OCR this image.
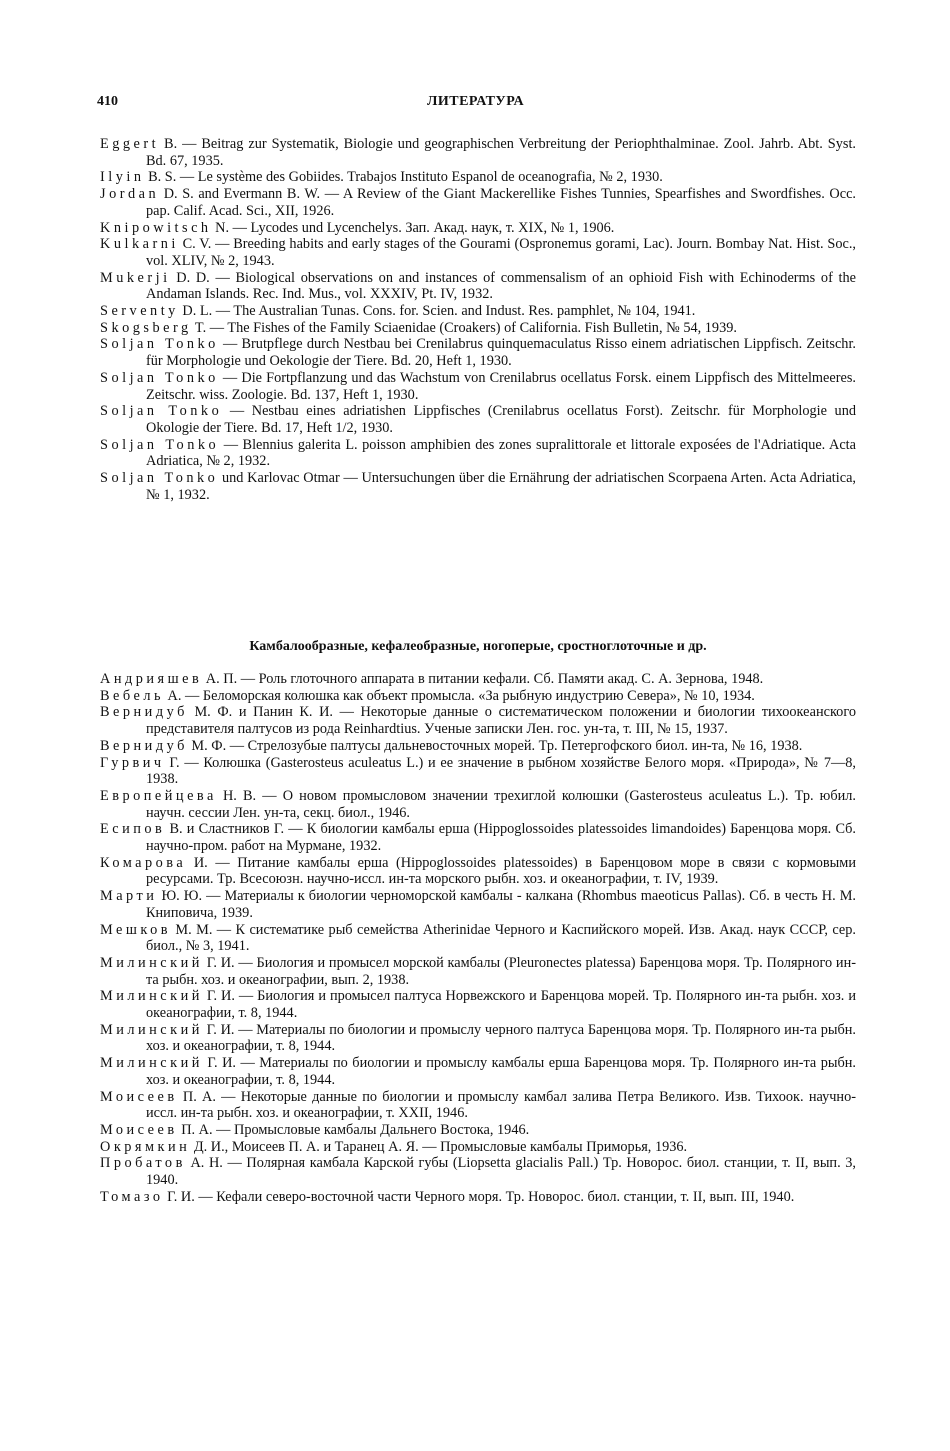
410	ЛИТЕРАТУРА
Eggert B. — Beitrag zur Systematik, Biologie und geographischen Verbreitung der Periophthalminae. Zool. Jahrb. Abt. Syst. Bd. 67, 1935.
Ilyin B. S. — Le système des Gobiides. Trabajos Instituto Espanol de oceanografia, № 2, 1930.
Jordan D. S. and Evermann B. W. — A Review of the Giant Mackerellike Fishes Tunnies, Spearfishes and Swordfishes. Occ. pap. Calif. Acad. Sci., XII, 1926.
Knipowitsch N. — Lycodes und Lycenchelys. Зап. Акад. наук, т. XIX, № 1, 1906.
Kulkarni C. V. — Breeding habits and early stages of the Gourami (Ospronemus gorami, Lac). Journ. Bombay Nat. Hist. Soc., vol. XLIV, № 2, 1943.
Mukerji D. D. — Biological observations on and instances of commensalism of an ophioid Fish with Echinoderms of the Andaman Islands. Rec. Ind. Mus., vol. XXXIV, Pt. IV, 1932.
Serventy D. L. — The Australian Tunas. Cons. for. Scien. and Indust. Res. pamphlet, № 104, 1941.
Skogsberg T. — The Fishes of the Family Sciaenidae (Croakers) of California. Fish Bulletin, № 54, 1939.
Soljan Tonko — Brutpflege durch Nestbau bei Crenilabrus quinquemaculatus Risso einem adriatischen Lippfisch. Zeitschr. für Morphologie und Oekologie der Tiere. Bd. 20, Heft 1, 1930.
Soljan Tonko — Die Fortpflanzung und das Wachstum von Crenilabrus ocellatus Forsk. einem Lippfisch des Mittelmeeres. Zeitschr. wiss. Zoologie. Bd. 137, Heft 1, 1930.
Soljan Tonko — Nestbau eines adriatishen Lippfisches (Crenilabrus ocellatus Forst). Zeitschr. für Morphologie und Okologie der Tiere. Bd. 17, Heft 1/2, 1930.
Soljan Tonko — Blennius galerita L. poisson amphibien des zones supralittorale et littorale exposées de l'Adriatique. Acta Adriatica, № 2, 1932.
Soljan Tonko und Karlovac Otmar — Untersuchungen über die Ernährung der adriatischen Scorpaena Arten. Acta Adriatica, № 1, 1932.
Камбалообразные, кефалеобразные, ногоперые, сростноглоточные и др.
Андрияшев А. П. — Роль глоточного аппарата в питании кефали. Сб. Памяти акад. С. А. Зернова, 1948.
Вебель А. — Беломорская колюшка как объект промысла. «За рыбную индустрию Севера», № 10, 1934.
Вернидуб М. Ф. и Панин К. И. — Некоторые данные о систематическом положении и биологии тихоокеанского представителя палтусов из рода Reinhardtius. Ученые записки Лен. гос. ун-та, т. III, № 15, 1937.
Вернидуб М. Ф. — Стрелозубые палтусы дальневосточных морей. Тр. Петергофского биол. ин-та, № 16, 1938.
Гурвич Г. — Колюшка (Gasterosteus aculeatus L.) и ее значение в рыбном хозяйстве Белого моря. «Природа», № 7—8, 1938.
Европейцева Н. В. — О новом промысловом значении трехиглой колюшки (Gasterosteus aculeatus L.). Тр. юбил. научн. сессии Лен. ун-та, секц. биол., 1946.
Есипов В. и Сластников Г. — К биологии камбалы ерша (Hippoglossoides platessoides limandoides) Баренцова моря. Сб. научно-пром. работ на Мурмане, 1932.
Комарова И. — Питание камбалы ерша (Hippoglossoides platessoides) в Баренцовом море в связи с кормовыми ресурсами. Тр. Всесоюзн. научно-иссл. ин-та морского рыбн. хоз. и океанографии, т. IV, 1939.
Марти Ю. Ю. — Материалы к биологии черноморской камбалы - калкана (Rhombus maeoticus Pallas). Сб. в честь Н. М. Книповича, 1939.
Мешков М. М. — К систематике рыб семейства Atherinidae Черного и Каспийского морей. Изв. Акад. наук СССР, сер. биол., № 3, 1941.
Милинский Г. И. — Биология и промысел морской камбалы (Pleuronectes platessa) Баренцова моря. Тр. Полярного ин-та рыбн. хоз. и океанографии, вып. 2, 1938.
Милинский Г. И. — Биология и промысел палтуса Норвежского и Баренцова морей. Тр. Полярного ин-та рыбн. хоз. и океанографии, т. 8, 1944.
Милинский Г. И. — Материалы по биологии и промыслу черного палтуса Баренцова моря. Тр. Полярного ин-та рыбн. хоз. и океанографии, т. 8, 1944.
Милинский Г. И. — Материалы по биологии и промыслу камбалы ерша Баренцова моря. Тр. Полярного ин-та рыбн. хоз. и океанографии, т. 8, 1944.
Моисеев П. А. — Некоторые данные по биологии и промыслу камбал залива Петра Великого. Изв. Тихоок. научно-иссл. ин-та рыбн. хоз. и океанографии, т. XXII, 1946.
Моисеев П. А. — Промысловые камбалы Дальнего Востока, 1946.
Окрямкин Д. И., Моисеев П. А. и Таранец А. Я. — Промысловые камбалы Приморья, 1936.
Пробатов А. Н. — Полярная камбала Карской губы (Liopsetta glacialis Pall.) Тр. Новорос. биол. станции, т. II, вып. 3, 1940.
Томазо Г. И. — Кефали северо-восточной части Черного моря. Тр. Новорос. биол. станции, т. II, вып. III, 1940.
